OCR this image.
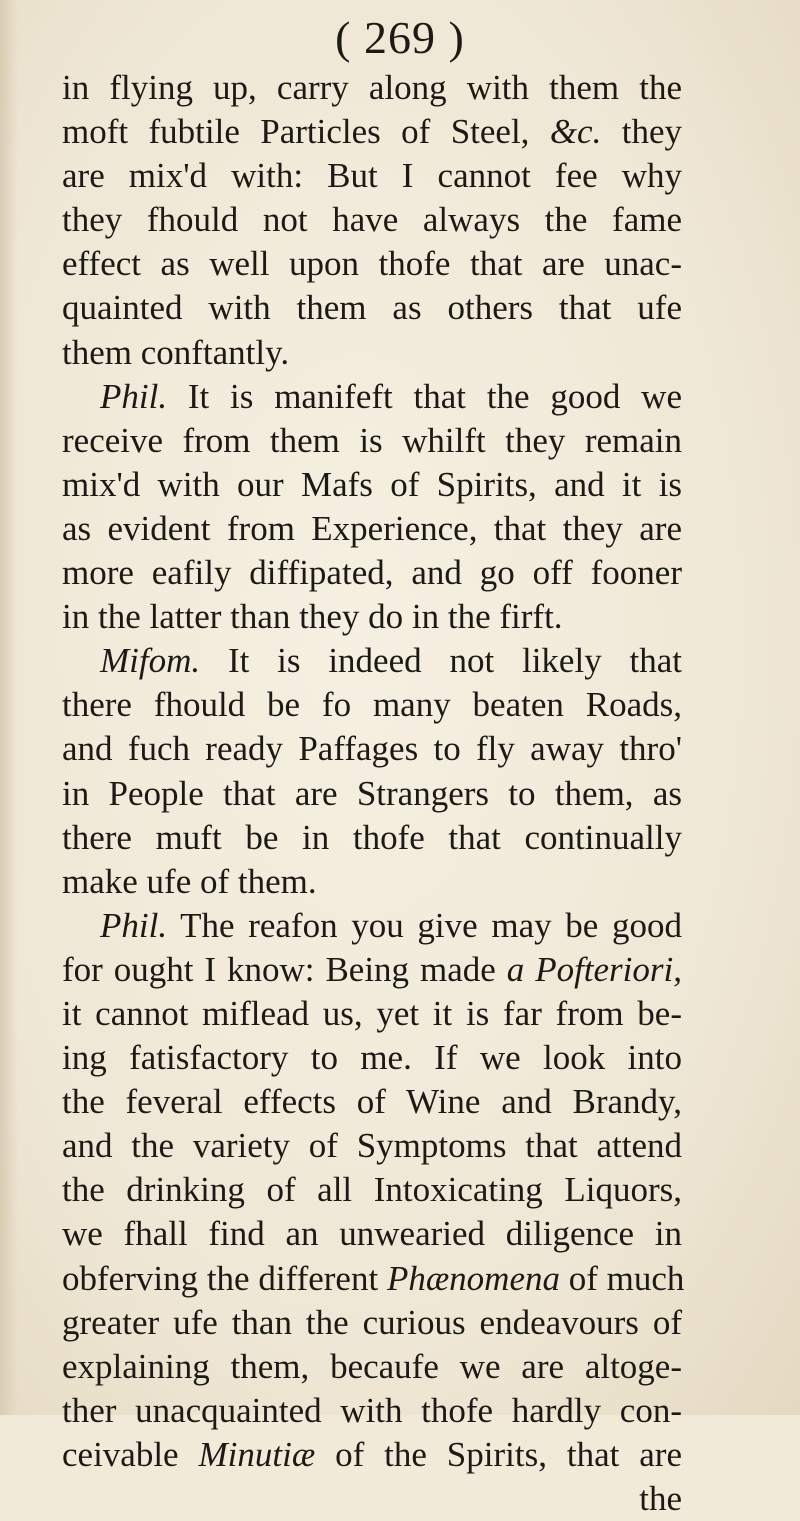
( 269 )
in flying up, carry along with them the
moft fubtile Particles of Steel, &c. they
are mix'd with: But I cannot fee why
they fhould not have always the fame
effect as well upon thofe that are unac-
quainted with them as others that ufe
them conftantly.
Phil. It is manifeft that the good we
receive from them is whilft they remain
mix'd with our Mafs of Spirits, and it is
as evident from Experience, that they are
more eafily diffipated, and go off fooner
in the latter than they do in the firft.
Mifom. It is indeed not likely that
there fhould be fo many beaten Roads,
and fuch ready Paffages to fly away thro'
in People that are Strangers to them, as
there muft be in thofe that continually
make ufe of them.
Phil. The reafon you give may be good
for ought I know: Being made a Pofteriori,
it cannot miflead us, yet it is far from be-
ing fatisfactory to me. If we look into
the feveral effects of Wine and Brandy,
and the variety of Symptoms that attend
the drinking of all Intoxicating Liquors,
we fhall find an unwearied diligence in
obferving the different Phænomena of much
greater ufe than the curious endeavours of
explaining them, becaufe we are altoge-
ther unacquainted with thofe hardly con-
ceivable Minutiæ of the Spirits, that are
the
